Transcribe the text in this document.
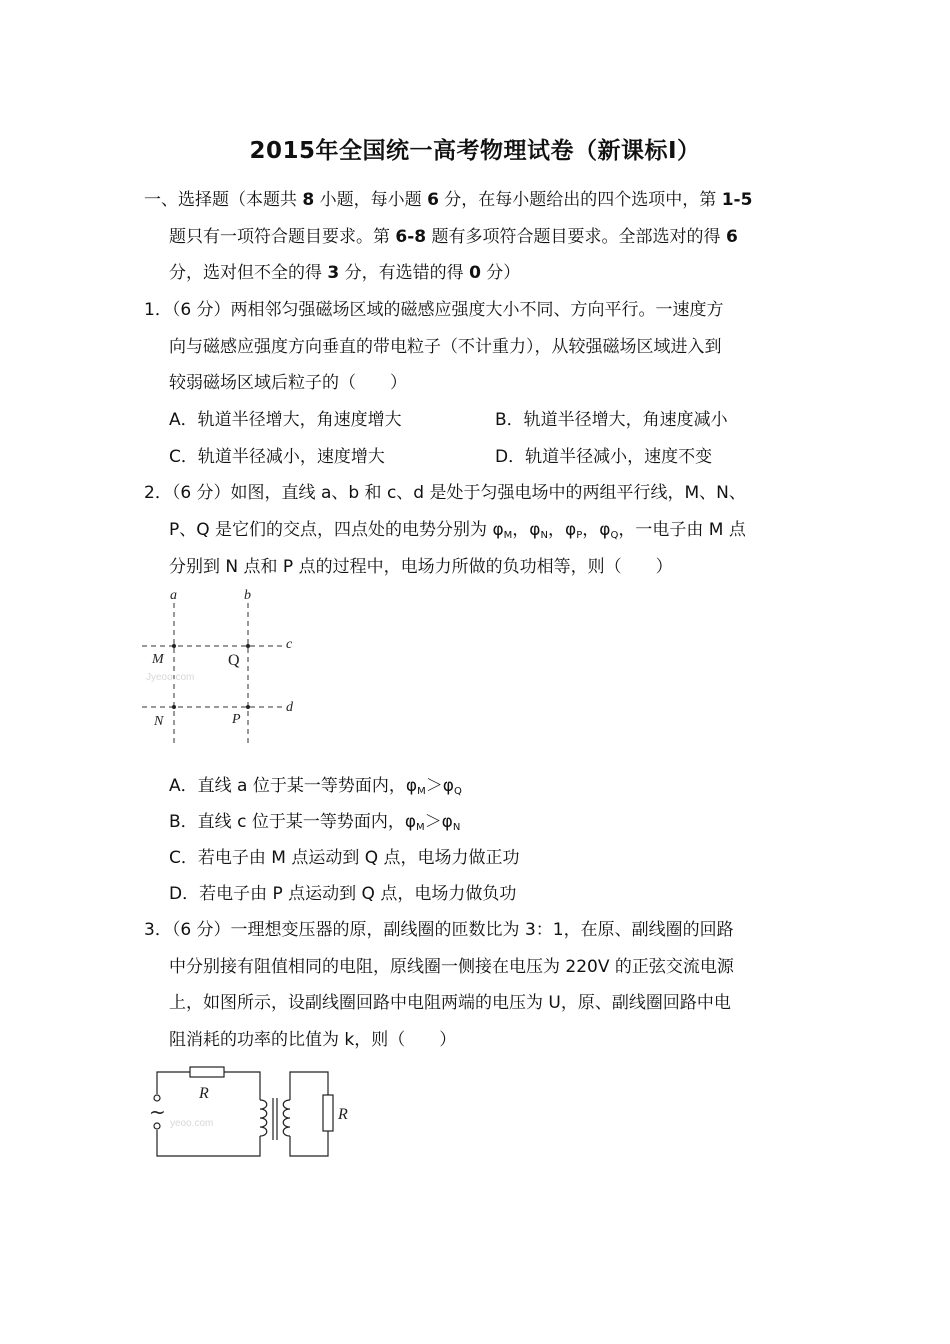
2015年全国统一高考物理试卷（新课标Ⅰ）
一、选择题（本题共 8 小题，每小题 6 分，在每小题给出的四个选项中，第 1-5
题只有一项符合题目要求。第 6-8 题有多项符合题目要求。全部选对的得 6
分，选对但不全的得 3 分，有选错的得 0 分）
1．（6 分）两相邻匀强磁场区域的磁感应强度大小不同、方向平行。一速度方
向与磁感应强度方向垂直的带电粒子（不计重力），从较强磁场区域进入到
较弱磁场区域后粒子的（　　）
A．轨道半径增大，角速度增大	B．轨道半径增大，角速度减小
C．轨道半径减小，速度增大	D．轨道半径减小，速度不变
2．（6 分）如图，直线 a、b 和 c、d 是处于匀强电场中的两组平行线，M、N、
P、Q 是它们的交点，四点处的电势分别为 $\varphi_M$，$\varphi_N$，$\varphi_P$，$\varphi_Q$，一电子由 M 点
分别到 N 点和 P 点的过程中，电场力所做的负功相等，则（　　）
a	b
c
d
M
N	P
Q
Jyeoo.com
A．直线 a 位于某一等势面内，$\varphi_M>\varphi_Q$
B．直线 c 位于某一等势面内，$\varphi_M>\varphi_N$
C．若电子由 M 点运动到 Q 点，电场力做正功
D．若电子由 P 点运动到 Q 点，电场力做负功
3．（6 分）一理想变压器的原，副线圈的匝数比为 3：1，在原、副线圈的回路
中分别接有阻值相同的电阻，原线圈一侧接在电压为 220V 的正弦交流电源
上，如图所示，设副线圈回路中电阻两端的电压为 U，原、副线圈回路中电
阻消耗的功率的比值为 k，则（　　）
R
R
~ yeoo.com
